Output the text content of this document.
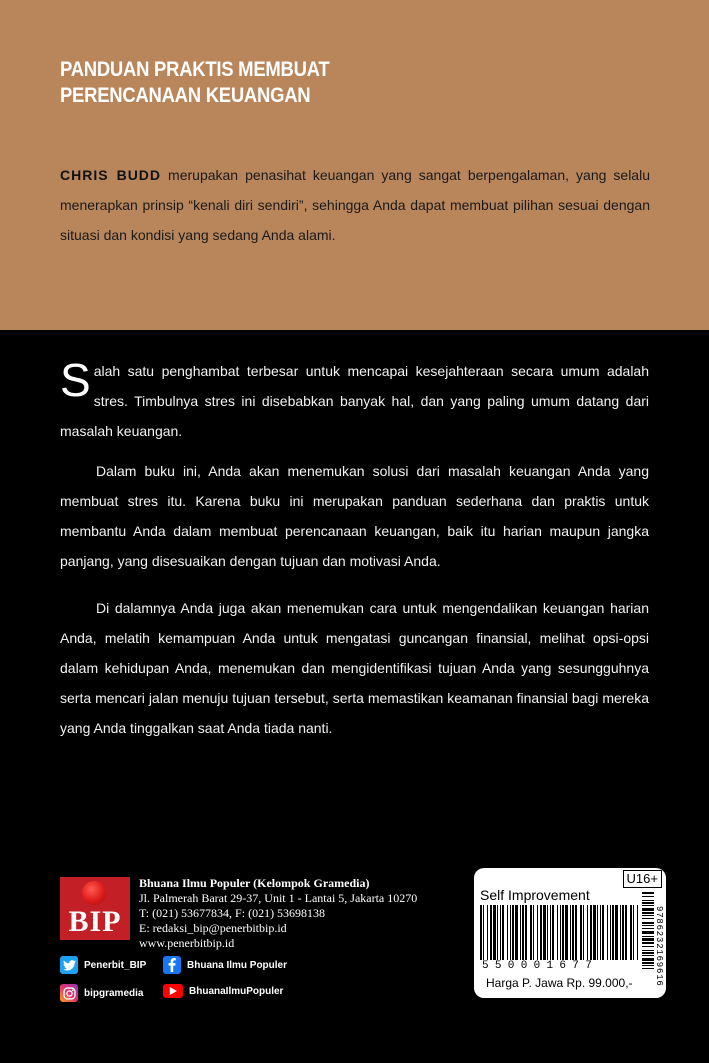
PANDUAN PRAKTIS MEMBUAT
PERENCANAAN KEUANGAN

CHRIS BUDD merupakan penasihat keuangan yang sangat berpengalaman, yang selalu menerapkan prinsip “kenali diri sendiri”, sehingga Anda dapat membuat pilihan sesuai dengan situasi dan kondisi yang sedang Anda alami.

Salah satu penghambat terbesar untuk mencapai kesejahteraan secara umum adalah stres. Timbulnya stres ini disebabkan banyak hal, dan yang paling umum datang dari masalah keuangan.

Dalam buku ini, Anda akan menemukan solusi dari masalah keuangan Anda yang membuat stres itu. Karena buku ini merupakan panduan sederhana dan praktis untuk membantu Anda dalam membuat perencanaan keuangan, baik itu harian maupun jangka panjang, yang disesuaikan dengan tujuan dan motivasi Anda.

Di dalamnya Anda juga akan menemukan cara untuk mengendalikan keuangan harian Anda, melatih kemampuan Anda untuk mengatasi guncangan finansial, melihat opsi-opsi dalam kehidupan Anda, menemukan dan mengidentifikasi tujuan Anda yang sesungguhnya serta mencari jalan menuju tujuan tersebut, serta memastikan keamanan finansial bagi mereka yang Anda tinggalkan saat Anda tiada nanti.

BIP
Bhuana Ilmu Populer (Kelompok Gramedia)
Jl. Palmerah Barat 29-37, Unit 1 - Lantai 5, Jakarta 10270
T: (021) 53677834, F: (021) 53698138
E: redaksi_bip@penerbitbip.id
www.penerbitbip.id
Penerbit_BIP	Bhuana Ilmu Populer
bipgramedia	BhuanaIlmuPopuler
U16+
Self Improvement
550001677
Harga P. Jawa Rp. 99.000,- 9786232169616
